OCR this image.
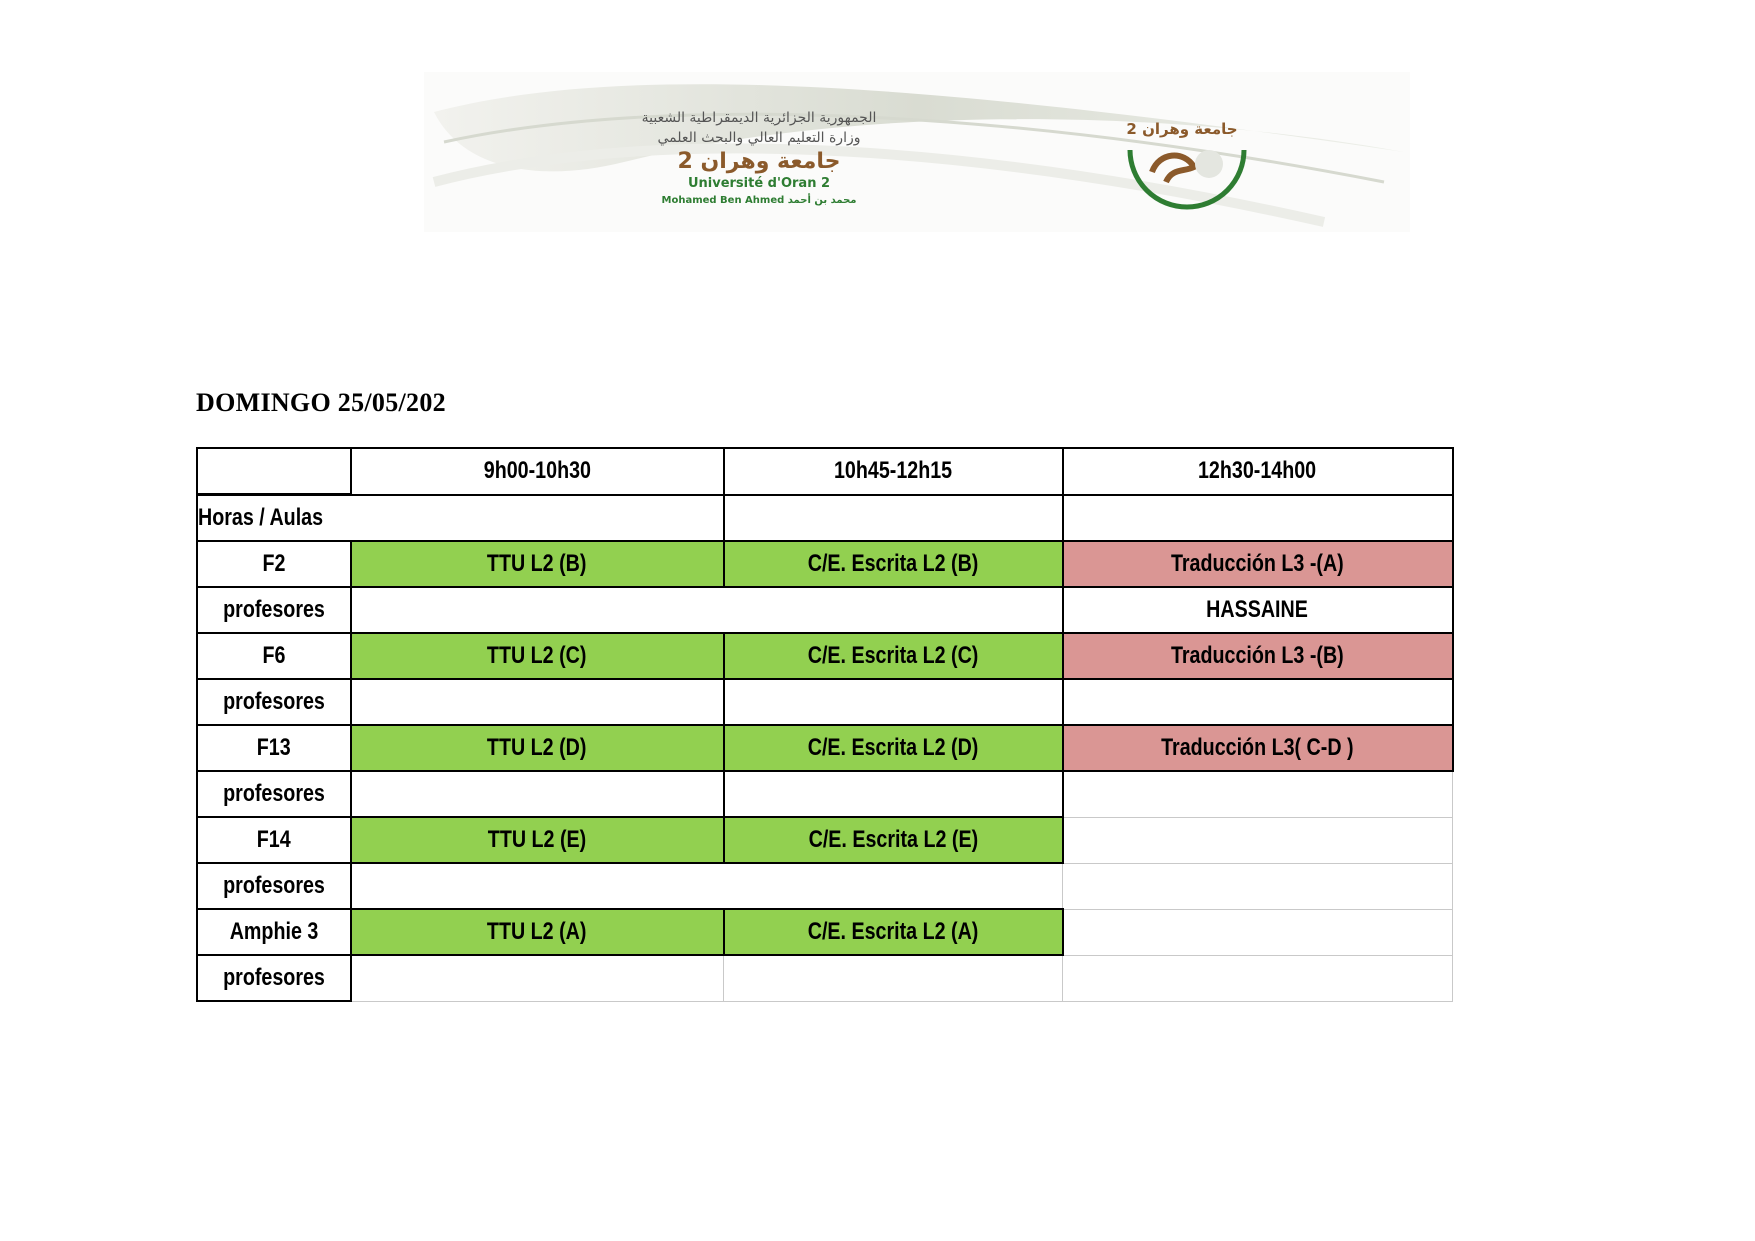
الجمهورية الجزائرية الديمقراطية الشعبية
وزارة التعليم العالي والبحث العلمي
جامعة وهران 2
Université d'Oran 2
Mohamed Ben Ahmed محمد بن أحمد
جامعة وهران 2
DOMINGO 25/05/202
	9h00-10h30	10h45-12h15	12h30-14h00
Horas / Aulas			
F2	TTU L2 (B)	C/E. Escrita L2 (B)	Traducción L3 -(A)
profesores			HASSAINE
F6	TTU L2 (C)	C/E. Escrita L2 (C)	Traducción L3 -(B)
profesores			
F13	TTU L2 (D)	C/E. Escrita L2 (D)	Traducción L3( C-D )
profesores			
F14	TTU L2 (E)	C/E. Escrita L2 (E)	
profesores			
Amphie 3	TTU L2 (A)	C/E. Escrita L2 (A)	
profesores			
